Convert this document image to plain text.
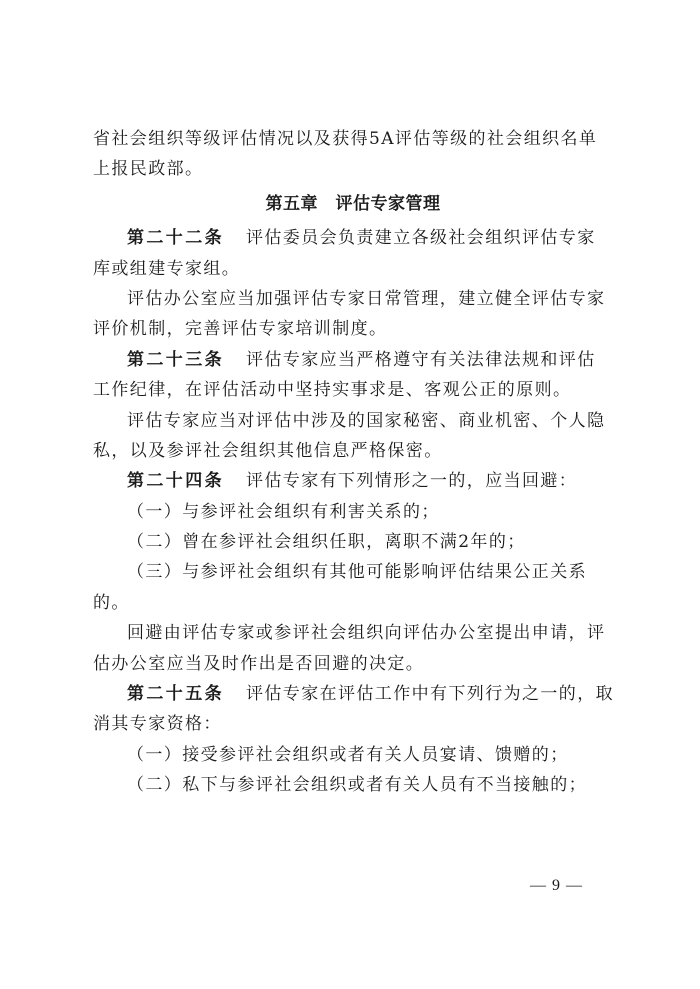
省社会组织等级评估情况以及获得5A评估等级的社会组织名单
上报民政部。
第五章　评估专家管理
第二十二条 评估委员会负责建立各级社会组织评估专家
库或组建专家组。
评估办公室应当加强评估专家日常管理，建立健全评估专家
评价机制，完善评估专家培训制度。
第二十三条 评估专家应当严格遵守有关法律法规和评估
工作纪律，在评估活动中坚持实事求是、客观公正的原则。
评估专家应当对评估中涉及的国家秘密、商业机密、个人隐
私，以及参评社会组织其他信息严格保密。
第二十四条 评估专家有下列情形之一的，应当回避：
（一）与参评社会组织有利害关系的；
（二）曾在参评社会组织任职，离职不满2年的；
（三）与参评社会组织有其他可能影响评估结果公正关系
的。
回避由评估专家或参评社会组织向评估办公室提出申请，评
估办公室应当及时作出是否回避的决定。
第二十五条 评估专家在评估工作中有下列行为之一的，取
消其专家资格：
（一）接受参评社会组织或者有关人员宴请、馈赠的；
（二）私下与参评社会组织或者有关人员有不当接触的；
— 9 —
